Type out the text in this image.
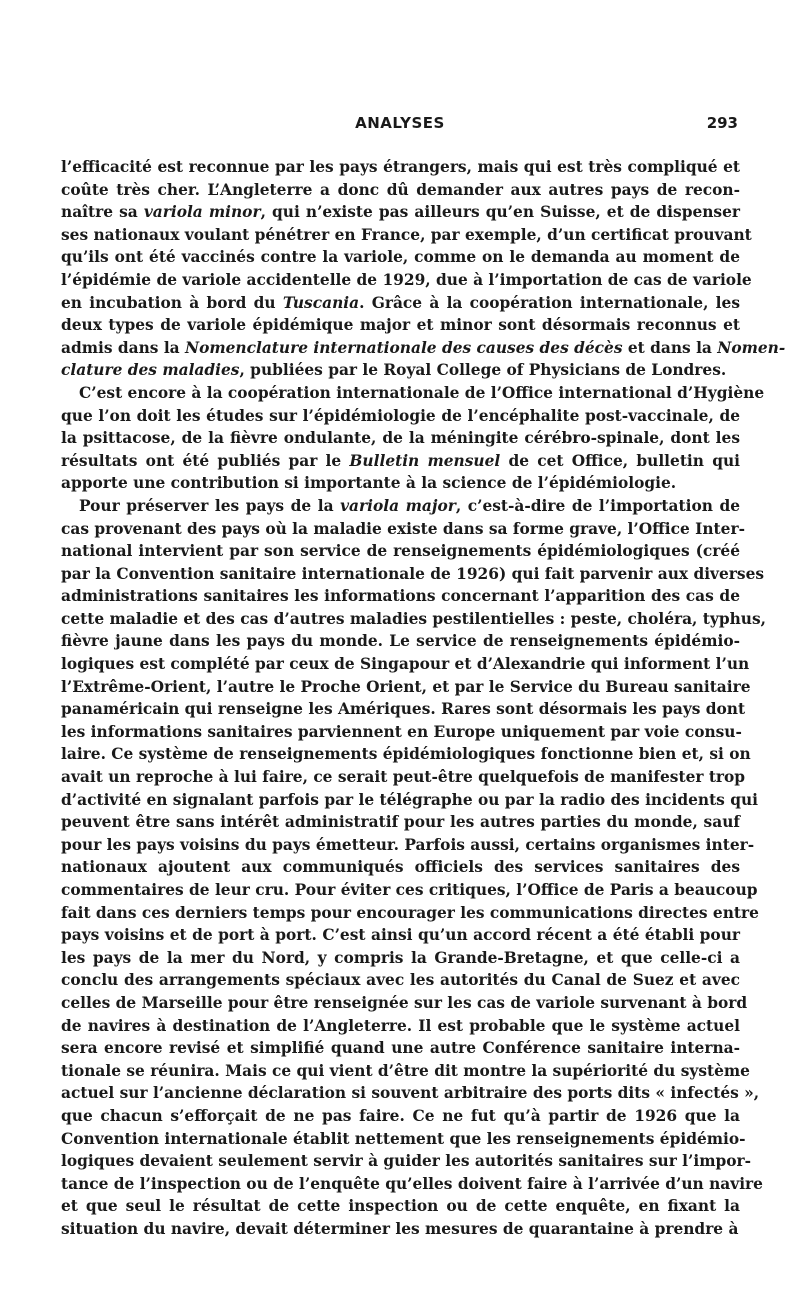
ANALYSES	293
l’efficacité est reconnue par les pays étrangers, mais qui est très compliqué et
coûte très cher. L’Angleterre a donc dû demander aux autres pays de recon-
naître sa variola minor, qui n’existe pas ailleurs qu’en Suisse, et de dispenser
ses nationaux voulant pénétrer en France, par exemple, d’un certificat prouvant
qu’ils ont été vaccinés contre la variole, comme on le demanda au moment de
l’épidémie de variole accidentelle de 1929, due à l’importation de cas de variole
en incubation à bord du Tuscania. Grâce à la coopération internationale, les
deux types de variole épidémique major et minor sont désormais reconnus et
admis dans la Nomenclature internationale des causes des décès et dans la Nomen-
clature des maladies, publiées par le Royal College of Physicians de Londres.
C’est encore à la coopération internationale de l’Office international d’Hygiène
que l’on doit les études sur l’épidémiologie de l’encéphalite post-vaccinale, de
la psittacose, de la fièvre ondulante, de la méningite cérébro-spinale, dont les
résultats ont été publiés par le Bulletin mensuel de cet Office, bulletin qui
apporte une contribution si importante à la science de l’épidémiologie.
Pour préserver les pays de la variola major, c’est-à-dire de l’importation de
cas provenant des pays où la maladie existe dans sa forme grave, l’Office Inter-
national intervient par son service de renseignements épidémiologiques (créé
par la Convention sanitaire internationale de 1926) qui fait parvenir aux diverses
administrations sanitaires les informations concernant l’apparition des cas de
cette maladie et des cas d’autres maladies pestilentielles : peste, choléra, typhus,
fièvre jaune dans les pays du monde. Le service de renseignements épidémio-
logiques est complété par ceux de Singapour et d’Alexandrie qui informent l’un
l’Extrême-Orient, l’autre le Proche Orient, et par le Service du Bureau sanitaire
panaméricain qui renseigne les Amériques. Rares sont désormais les pays dont
les informations sanitaires parviennent en Europe uniquement par voie consu-
laire. Ce système de renseignements épidémiologiques fonctionne bien et, si on
avait un reproche à lui faire, ce serait peut-être quelquefois de manifester trop
d’activité en signalant parfois par le télégraphe ou par la radio des incidents qui
peuvent être sans intérêt administratif pour les autres parties du monde, sauf
pour les pays voisins du pays émetteur. Parfois aussi, certains organismes inter-
nationaux ajoutent aux communiqués officiels des services sanitaires des
commentaires de leur cru. Pour éviter ces critiques, l’Office de Paris a beaucoup
fait dans ces derniers temps pour encourager les communications directes entre
pays voisins et de port à port. C’est ainsi qu’un accord récent a été établi pour
les pays de la mer du Nord, y compris la Grande-Bretagne, et que celle-ci a
conclu des arrangements spéciaux avec les autorités du Canal de Suez et avec
celles de Marseille pour être renseignée sur les cas de variole survenant à bord
de navires à destination de l’Angleterre. Il est probable que le système actuel
sera encore revisé et simplifié quand une autre Conférence sanitaire interna-
tionale se réunira. Mais ce qui vient d’être dit montre la supériorité du système
actuel sur l’ancienne déclaration si souvent arbitraire des ports dits « infectés »,
que chacun s’efforçait de ne pas faire. Ce ne fut qu’à partir de 1926 que la
Convention internationale établit nettement que les renseignements épidémio-
logiques devaient seulement servir à guider les autorités sanitaires sur l’impor-
tance de l’inspection ou de l’enquête qu’elles doivent faire à l’arrivée d’un navire
et que seul le résultat de cette inspection ou de cette enquête, en fixant la
situation du navire, devait déterminer les mesures de quarantaine à prendre à
